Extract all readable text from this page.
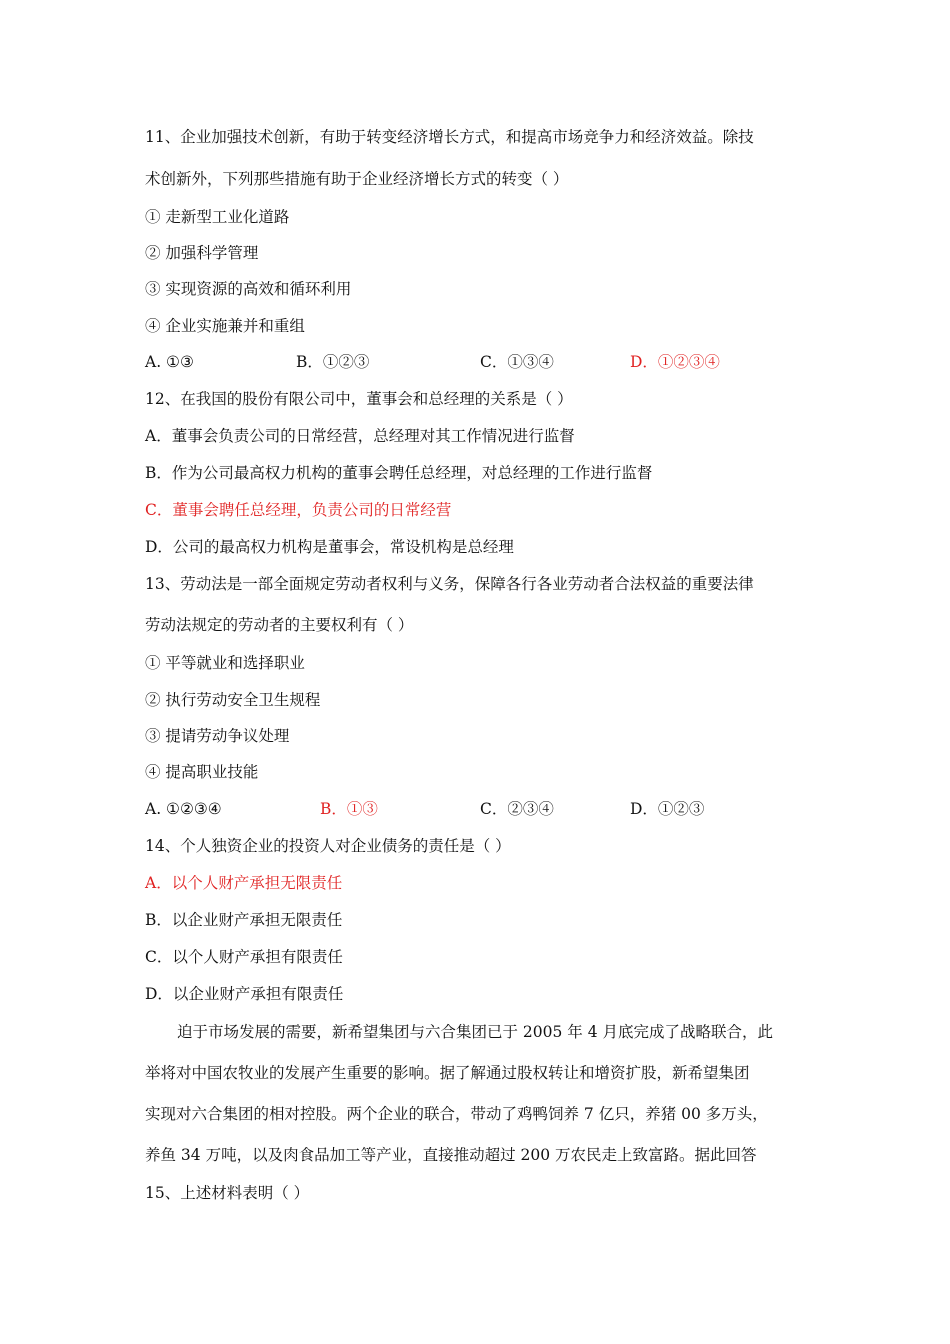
11、企业加强技术创新，有助于转变经济增长方式，和提高市场竞争力和经济效益。除技
术创新外，下列那些措施有助于企业经济增长方式的转变（ ）
① 走新型工业化道路
② 加强科学管理
③ 实现资源的高效和循环利用
④ 企业实施兼并和重组
A. ①③	B．①②③	C．①③④	D．①②③④
12、在我国的股份有限公司中，董事会和总经理的关系是（ ）
A．董事会负责公司的日常经营，总经理对其工作情况进行监督
B．作为公司最高权力机构的董事会聘任总经理，对总经理的工作进行监督
C．董事会聘任总经理，负责公司的日常经营
D．公司的最高权力机构是董事会，常设机构是总经理
13、劳动法是一部全面规定劳动者权利与义务，保障各行各业劳动者合法权益的重要法律
劳动法规定的劳动者的主要权利有（ ）
① 平等就业和选择职业
② 执行劳动安全卫生规程
③ 提请劳动争议处理
④ 提高职业技能
A. ①②③④	B．①③	C．②③④	D．①②③
14、个人独资企业的投资人对企业债务的责任是（ ）
A．以个人财产承担无限责任
B．以企业财产承担无限责任
C．以个人财产承担有限责任
D．以企业财产承担有限责任
迫于市场发展的需要，新希望集团与六合集团已于 2005 年 4 月底完成了战略联合，此
举将对中国农牧业的发展产生重要的影响。据了解通过股权转让和增资扩股，新希望集团
实现对六合集团的相对控股。两个企业的联合，带动了鸡鸭饲养 7 亿只，养猪 00 多万头，
养鱼 34 万吨，以及肉食品加工等产业，直接推动超过 200 万农民走上致富路。据此回答
15、上述材料表明（ ）
